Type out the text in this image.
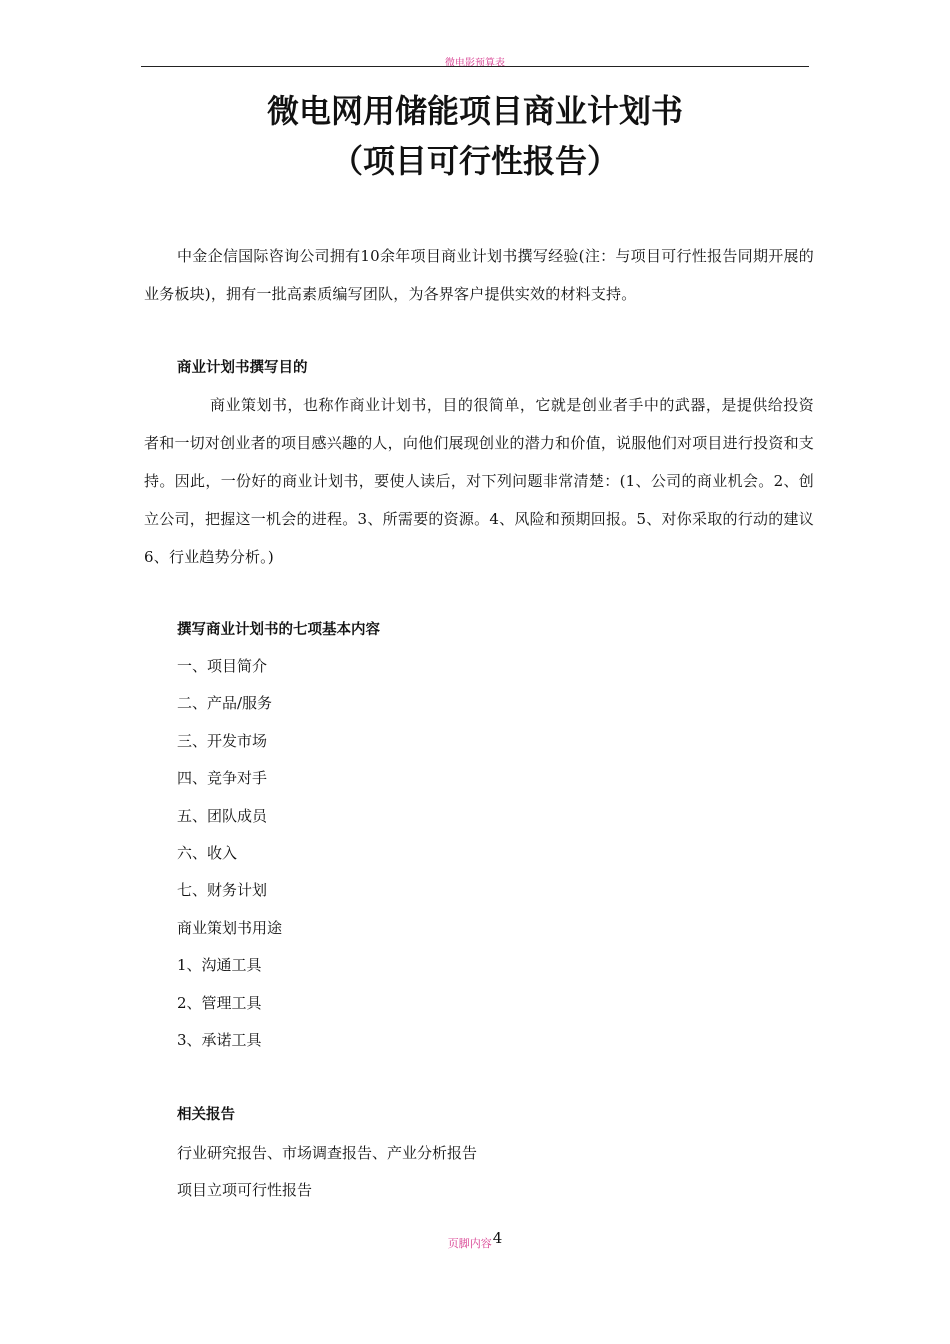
微电影预算表
微电网用储能项目商业计划书
（项目可行性报告）

中金企信国际咨询公司拥有10余年项目商业计划书撰写经验(注：与项目可行性报告同期开展的业务板块)，拥有一批高素质编写团队，为各界客户提供实效的材料支持。

商业计划书撰写目的

商业策划书，也称作商业计划书，目的很简单，它就是创业者手中的武器，是提供给投资者和一切对创业者的项目感兴趣的人，向他们展现创业的潜力和价值，说服他们对项目进行投资和支持。因此，一份好的商业计划书，要使人读后，对下列问题非常清楚：(1、公司的商业机会。2、创立公司，把握这一机会的进程。3、所需要的资源。4、风险和预期回报。5、对你采取的行动的建议6、行业趋势分析。)

撰写商业计划书的七项基本内容
一、项目简介
二、产品/服务
三、开发市场
四、竞争对手
五、团队成员
六、收入
七、财务计划
商业策划书用途
1、沟通工具
2、管理工具
3、承诺工具
相关报告
行业研究报告、市场调查报告、产业分析报告
项目立项可行性报告
页脚内容4
